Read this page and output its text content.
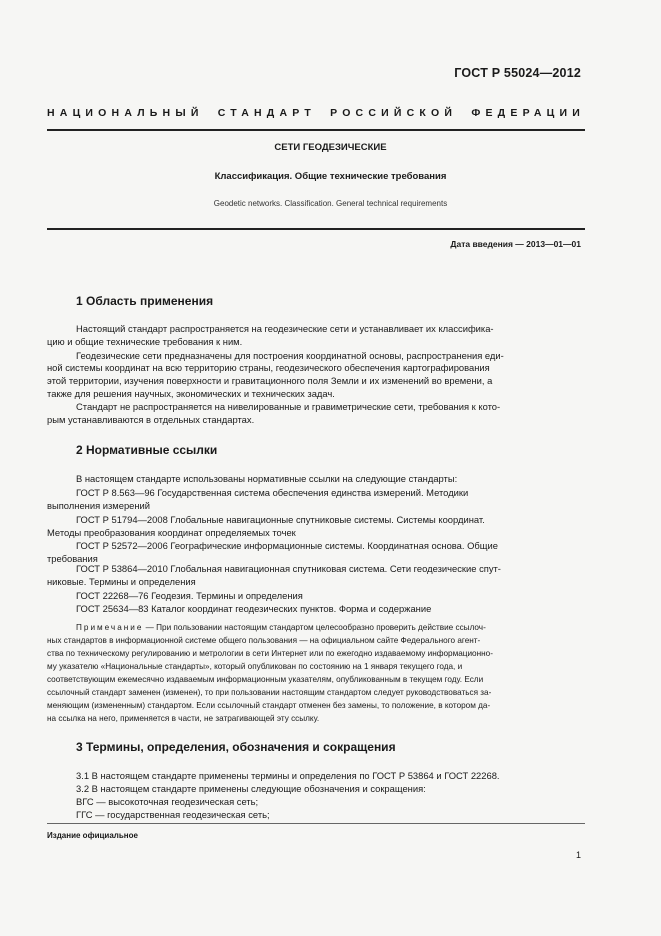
ГОСТ Р 55024—2012
НАЦИОНАЛЬНЫЙ СТАНДАРТ РОССИЙСКОЙ ФЕДЕРАЦИИ
СЕТИ ГЕОДЕЗИЧЕСКИЕ
Классификация. Общие технические требования
Geodetic networks. Classification. General technical requirements
Дата введения — 2013—01—01
1 Область применения
Настоящий стандарт распространяется на геодезические сети и устанавливает их классифика-
цию и общие технические требования к ним.
Геодезические сети предназначены для построения координатной основы, распространения еди-
ной системы координат на всю территорию страны, геодезического обеспечения картографирования
этой территории, изучения поверхности и гравитационного поля Земли и их изменений во времени, а
также для решения научных, экономических и технических задач.
Стандарт не распространяется на нивелированные и гравиметрические сети, требования к кото-
рым устанавливаются в отдельных стандартах.
2 Нормативные ссылки
В настоящем стандарте использованы нормативные ссылки на следующие стандарты:
ГОСТ Р 8.563—96 Государственная система обеспечения единства измерений. Методики
выполнения измерений
ГОСТ Р 51794—2008 Глобальные навигационные спутниковые системы. Системы координат.
Методы преобразования координат определяемых точек
ГОСТ Р 52572—2006 Географические информационные системы. Координатная основа. Общие
требования
ГОСТ Р 53864—2010 Глобальная навигационная спутниковая система. Сети геодезические спут-
никовые. Термины и определения
ГОСТ 22268—76 Геодезия. Термины и определения
ГОСТ 25634—83 Каталог координат геодезических пунктов. Форма и содержание
Примечание — При пользовании настоящим стандартом целесообразно проверить действие ссылоч-
ных стандартов в информационной системе общего пользования — на официальном сайте Федерального агент-
ства по техническому регулированию и метрологии в сети Интернет или по ежегодно издаваемому информационно-
му указателю «Национальные стандарты», который опубликован по состоянию на 1 января текущего года, и
соответствующим ежемесячно издаваемым информационным указателям, опубликованным в текущем году. Если
ссылочный стандарт заменен (изменен), то при пользовании настоящим стандартом следует руководствоваться за-
меняющим (измененным) стандартом. Если ссылочный стандарт отменен без замены, то положение, в котором да-
на ссылка на него, применяется в части, не затрагивающей эту ссылку.
3 Термины, определения, обозначения и сокращения
3.1 В настоящем стандарте применены термины и определения по ГОСТ Р 53864 и ГОСТ 22268.
3.2 В настоящем стандарте применены следующие обозначения и сокращения:
ВГС — высокоточная геодезическая сеть;
ГГС — государственная геодезическая сеть;
Издание официальное
1
